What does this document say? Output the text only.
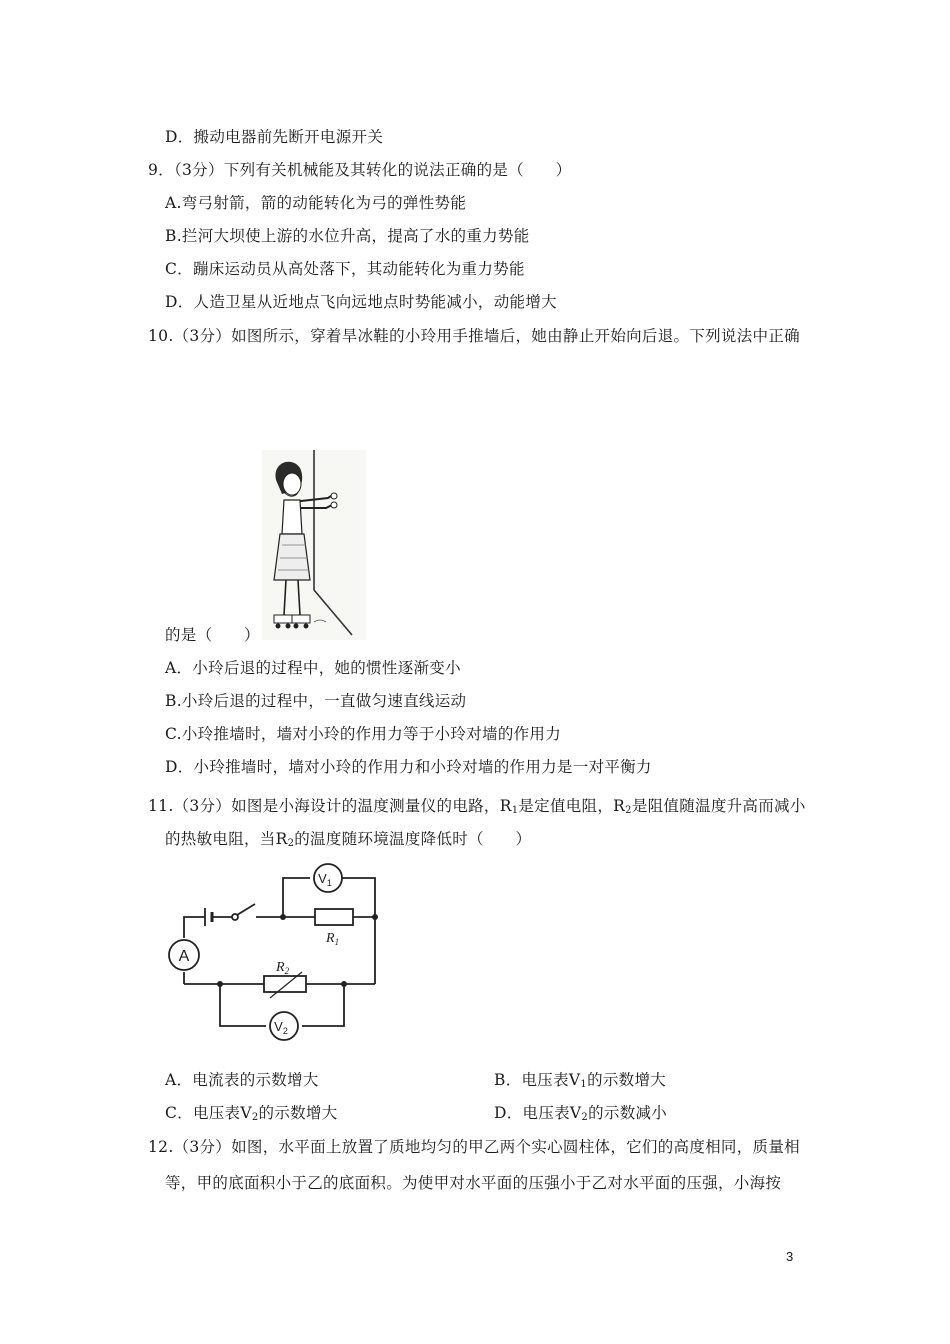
D．搬动电器前先断开电源开关
9．（3分）下列有关机械能及其转化的说法正确的是（　　）
A.弯弓射箭，箭的动能转化为弓的弹性势能
B.拦河大坝使上游的水位升高，提高了水的重力势能
C．蹦床运动员从高处落下，其动能转化为重力势能
D．人造卫星从近地点飞向远地点时势能减小，动能增大
10.（3分）如图所示，穿着旱冰鞋的小玲用手推墙后，她由静止开始向后退。下列说法中正确
的是（　　）
A．小玲后退的过程中，她的惯性逐渐变小
B.小玲后退的过程中，一直做匀速直线运动
C.小玲推墙时，墙对小玲的作用力等于小玲对墙的作用力
D．小玲推墙时，墙对小玲的作用力和小玲对墙的作用力是一对平衡力
11.（3分）如图是小海设计的温度测量仪的电路，$R_1$是定值电阻，$R_2$是阻值随温度升高而减小
的热敏电阻，当$R_2$的温度随环境温度降低时（　　）
A
$V_1$
$V_2$
$R_1$
$R_2$
A．电流表的示数增大	B．电压表$V_1$的示数增大
C．电压表$V_2$的示数增大	D．电压表$V_2$的示数减小
12.（3分）如图，水平面上放置了质地均匀的甲乙两个实心圆柱体，它们的高度相同，质量相
等，甲的底面积小于乙的底面积。为使甲对水平面的压强小于乙对水平面的压强，小海按
3
